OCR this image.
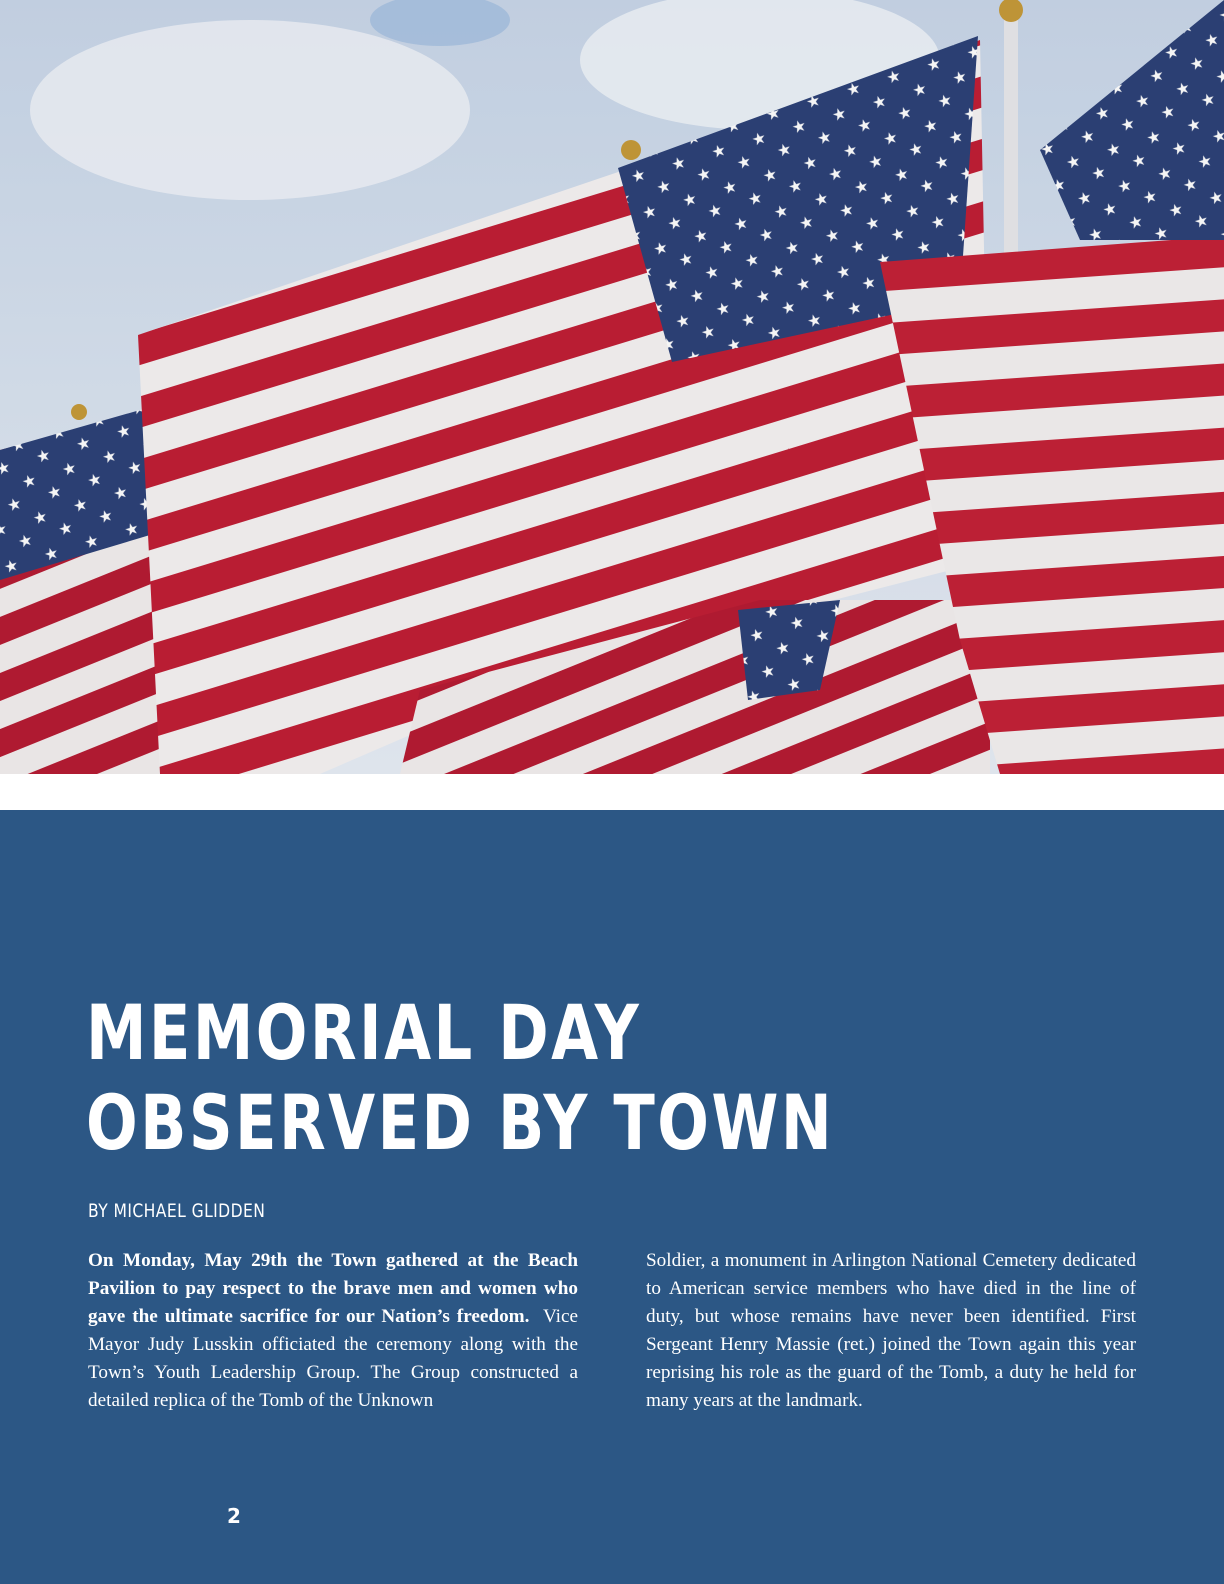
MEMORIAL DAY
OBSERVED BY TOWN

BY MICHAEL GLIDDEN

On Monday, May 29th the Town gathered at the Beach Pavilion to pay respect to the brave men and women who gave the ultimate sacrifice for our Nation’s freedom. Vice Mayor Judy Lusskin officiated the ceremony along with the Town’s Youth Leadership Group. The Group constructed a detailed replica of the Tomb of the Unknown

Soldier, a monument in Arlington National Cemetery dedicated to American service members who have died in the line of duty, but whose remains have never been identified. First Sergeant Henry Massie (ret.) joined the Town again this year reprising his role as the guard of the Tomb, a duty he held for many years at the landmark.

2
